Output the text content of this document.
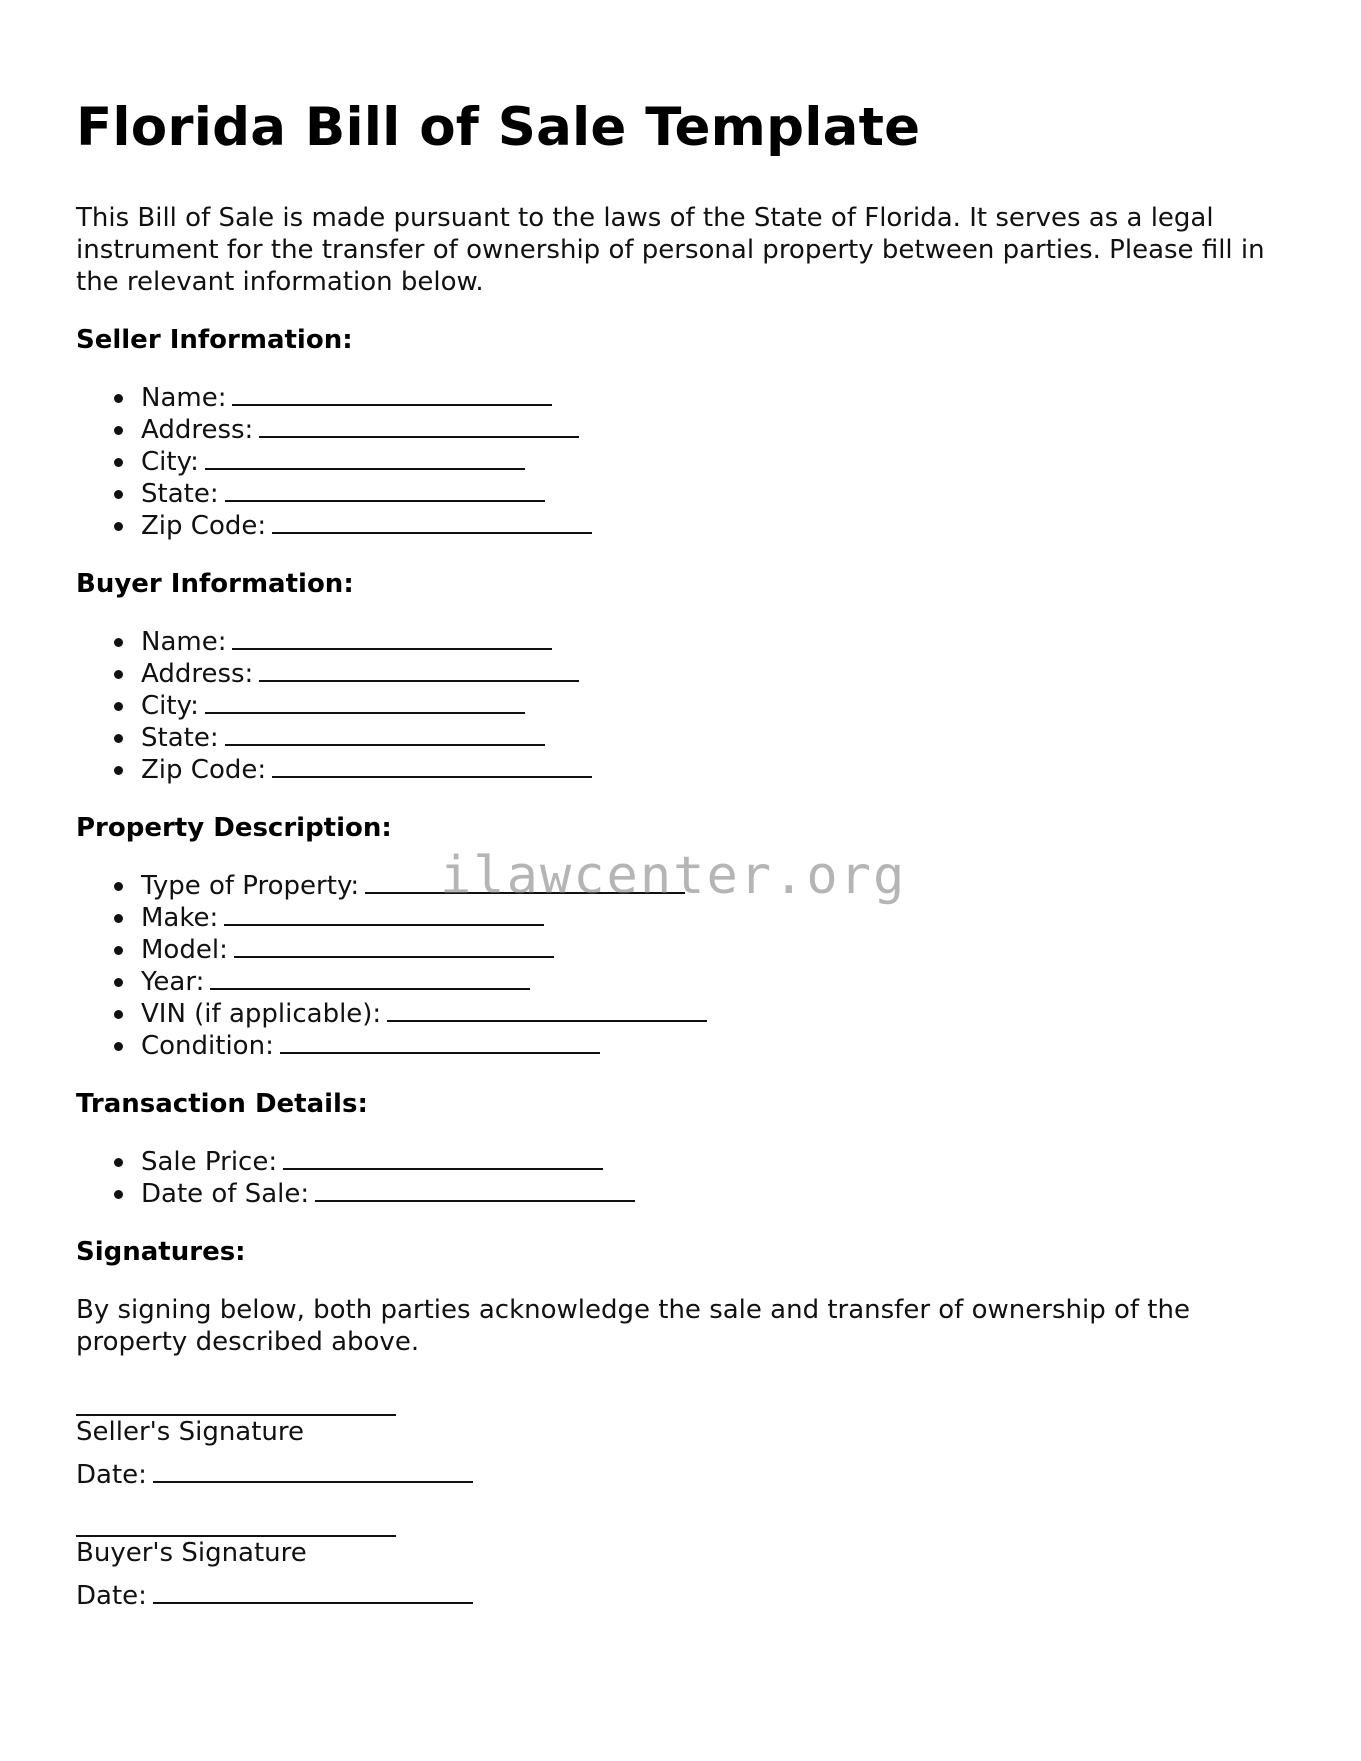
Florida Bill of Sale Template

This Bill of Sale is made pursuant to the laws of the State of Florida. It serves as a legal instrument for the transfer of ownership of personal property between parties. Please fill in the relevant information below.

Seller Information:
Name:
Address:
City:
State:
Zip Code:
Buyer Information:
Name:
Address:
City:
State:
Zip Code:
Property Description:
Type of Property:
Make:
Model:
Year:
VIN (if applicable):
Condition:
Transaction Details:
Sale Price:
Date of Sale:
Signatures:

By signing below, both parties acknowledge the sale and transfer of ownership of the property described above.

Seller's Signature
Date:
Buyer's Signature
Date:
ilawcenter.org
